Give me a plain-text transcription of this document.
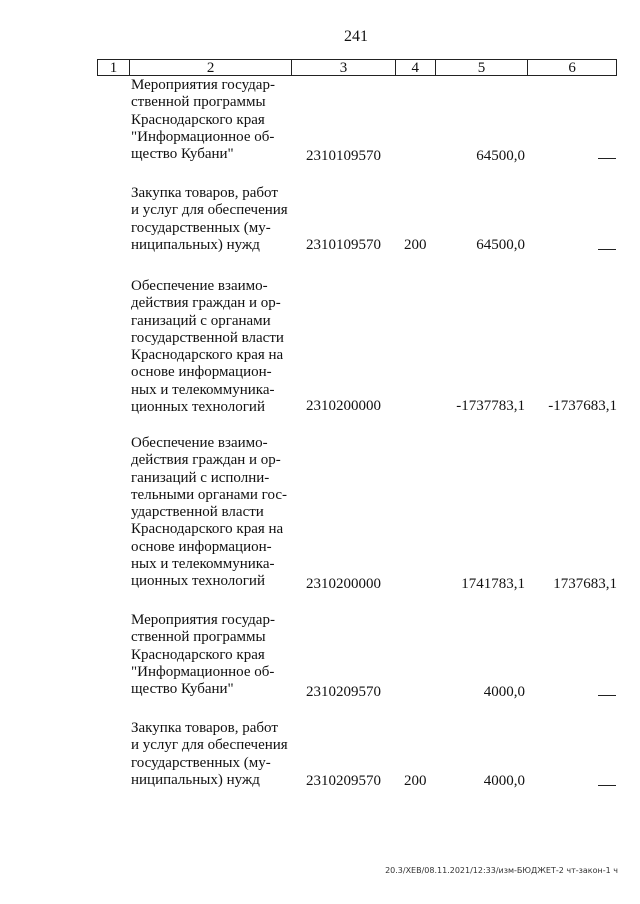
241
1	2	3	4	5	6
Мероприятия государ-
ственной программы
Краснодарского края
"Информационное об-
щество Кубани"	2310109570	64500,0
Закупка товаров, работ
и услуг для обеспечения
государственных (му-
ниципальных) нужд	2310109570 200	64500,0
Обеспечение взаимо-
действия граждан и ор-
ганизаций с органами
государственной власти
Краснодарского края на
основе информацион-
ных и телекоммуника-
ционных технологий	2310200000	-1737783,1 -1737683,1
Обеспечение взаимо-
действия граждан и ор-
ганизаций с исполни-
тельными органами гос-
ударственной власти
Краснодарского края на
основе информацион-
ных и телекоммуника-
ционных технологий	2310200000	1741783,1 1737683,1
Мероприятия государ-
ственной программы
Краснодарского края
"Информационное об-
щество Кубани"	2310209570	4000,0
Закупка товаров, работ
и услуг для обеспечения
государственных (му-
ниципальных) нужд	2310209570 200	4000,0
20.3/ХЕВ/08.11.2021/12:33/изм-БЮДЖЕТ-2 чт-закон-1 ч
